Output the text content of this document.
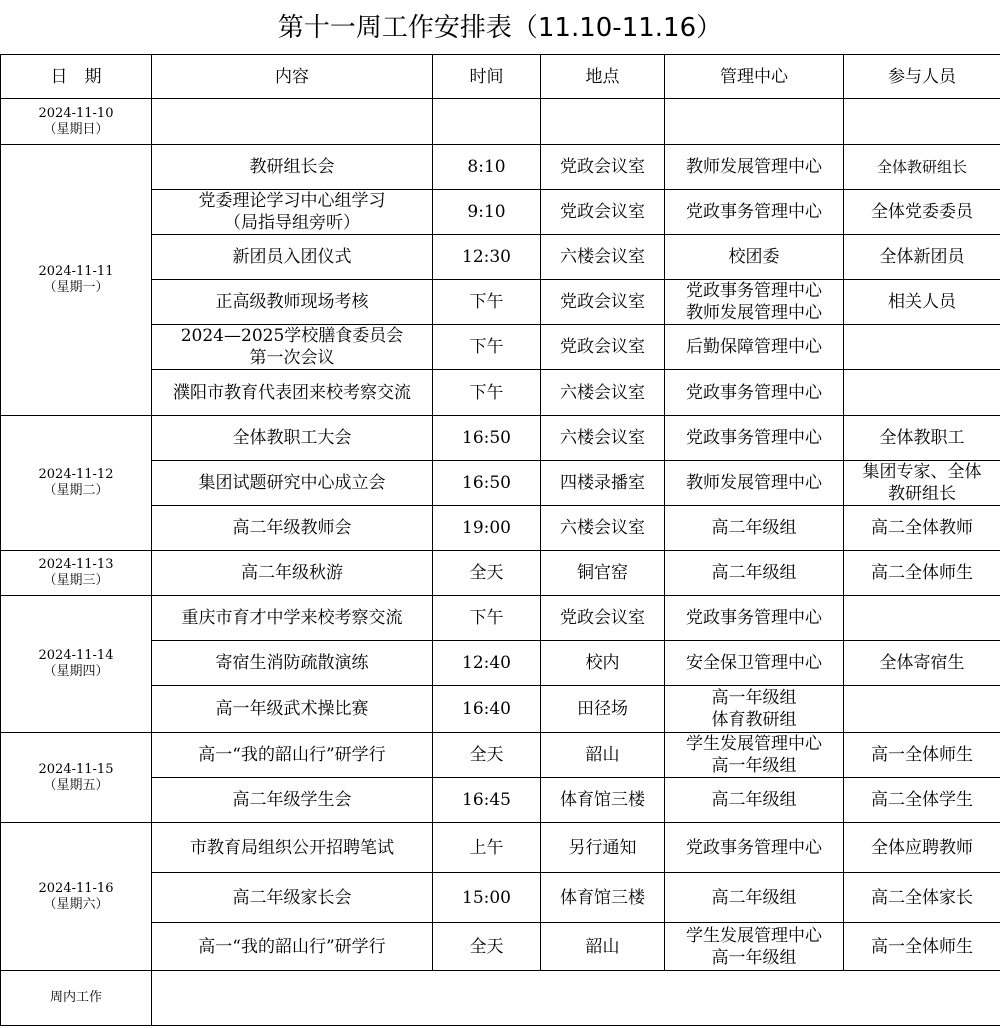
第十一周工作安排表（11.10-11.16）
日　期	内容	时间	地点	管理中心	参与人员

2024-11-10
（星期日）					

2024-11-11
（星期一）	教研组长会	8:10	党政会议室	教师发展管理中心	全体教研组长

	党委理论学习中心组学习
（局指导组旁听）	9:10	党政会议室	党政事务管理中心	全体党委委员

	新团员入团仪式	12:30	六楼会议室	校团委	全体新团员

	正高级教师现场考核	下午	党政会议室	党政事务管理中心
教师发展管理中心	相关人员

	2024—2025学校膳食委员会
第一次会议	下午	党政会议室	后勤保障管理中心	

	濮阳市教育代表团来校考察交流	下午	六楼会议室	党政事务管理中心	

2024-11-12
（星期二）	全体教职工大会	16:50	六楼会议室	党政事务管理中心	全体教职工

	集团试题研究中心成立会	16:50	四楼录播室	教师发展管理中心	集团专家、全体
教研组长

	高二年级教师会	19:00	六楼会议室	高二年级组	高二全体教师

2024-11-13
（星期三）	高二年级秋游	全天	铜官窑	高二年级组	高二全体师生

2024-11-14
（星期四）	重庆市育才中学来校考察交流	下午	党政会议室	党政事务管理中心	

	寄宿生消防疏散演练	12:40	校内	安全保卫管理中心	全体寄宿生

	高一年级武术操比赛	16:40	田径场	高一年级组
体育教研组	

2024-11-15
（星期五）	高一“我的韶山行”研学行	全天	韶山	学生发展管理中心
高一年级组	高一全体师生

	高二年级学生会	16:45	体育馆三楼	高二年级组	高二全体学生

2024-11-16
（星期六）	市教育局组织公开招聘笔试	上午	另行通知	党政事务管理中心	全体应聘教师

	高二年级家长会	15:00	体育馆三楼	高二年级组	高二全体家长

	高一“我的韶山行”研学行	全天	韶山	学生发展管理中心
高一年级组	高一全体师生

周内工作					
